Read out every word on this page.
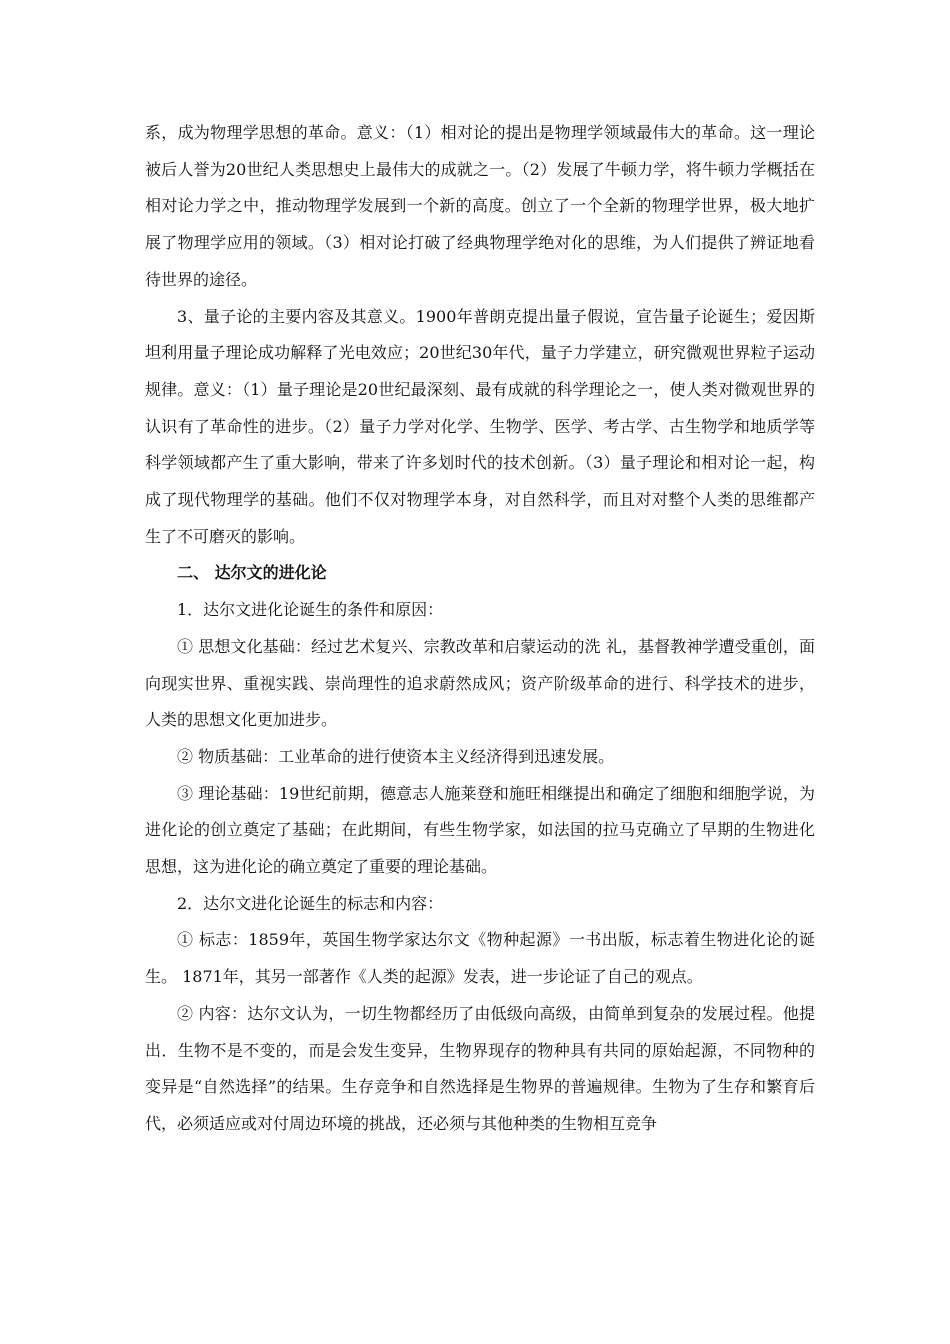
系，成为物理学思想的革命。意义：（1）相对论的提出是物理学领域最伟大的革命。这一理论被后人誉为20世纪人类思想史上最伟大的成就之一。（2）发展了牛顿力学，将牛顿力学概括在相对论力学之中，推动物理学发展到一个新的高度。创立了一个全新的物理学世界，极大地扩展了物理学应用的领域。（3）相对论打破了经典物理学绝对化的思维，为人们提供了辨证地看待世界的途径。

3、量子论的主要内容及其意义。1900年普朗克提出量子假说，宣告量子论诞生；爱因斯坦利用量子理论成功解释了光电效应；20世纪30年代，量子力学建立，研究微观世界粒子运动规律。意义：（1）量子理论是20世纪最深刻、最有成就的科学理论之一，使人类对微观世界的认识有了革命性的进步。（2）量子力学对化学、生物学、医学、考古学、古生物学和地质学等科学领域都产生了重大影响，带来了许多划时代的技术创新。（3）量子理论和相对论一起，构成了现代物理学的基础。他们不仅对物理学本身，对自然科学，而且对对整个人类的思维都产生了不可磨灭的影响。

二、 达尔文的进化论

1．达尔文进化论诞生的条件和原因：

① 思想文化基础：经过艺术复兴、宗教改革和启蒙运动的洗 礼，基督教神学遭受重创，面向现实世界、重视实践、崇尚理性的追求蔚然成风；资产阶级革命的进行、科学技术的进步，人类的思想文化更加进步。

② 物质基础：工业革命的进行使资本主义经济得到迅速发展。

③ 理论基础：19世纪前期，德意志人施莱登和施旺相继提出和确定了细胞和细胞学说，为进化论的创立奠定了基础；在此期间，有些生物学家，如法国的拉马克确立了早期的生物进化思想，这为进化论的确立奠定了重要的理论基础。

2．达尔文进化论诞生的标志和内容：

① 标志：1859年，英国生物学家达尔文《物种起源》一书出版，标志着生物进化论的诞生。 1871年，其另一部著作《人类的起源》发表，进一步论证了自己的观点。

② 内容：达尔文认为，一切生物都经历了由低级向高级，由简单到复杂的发展过程。他提出．生物不是不变的，而是会发生变异，生物界现存的物种具有共同的原始起源，不同物种的变异是“自然选择”的结果。生存竞争和自然选择是生物界的普遍规律。生物为了生存和繁育后代，必须适应或对付周边环境的挑战，还必须与其他种类的生物相互竞争
